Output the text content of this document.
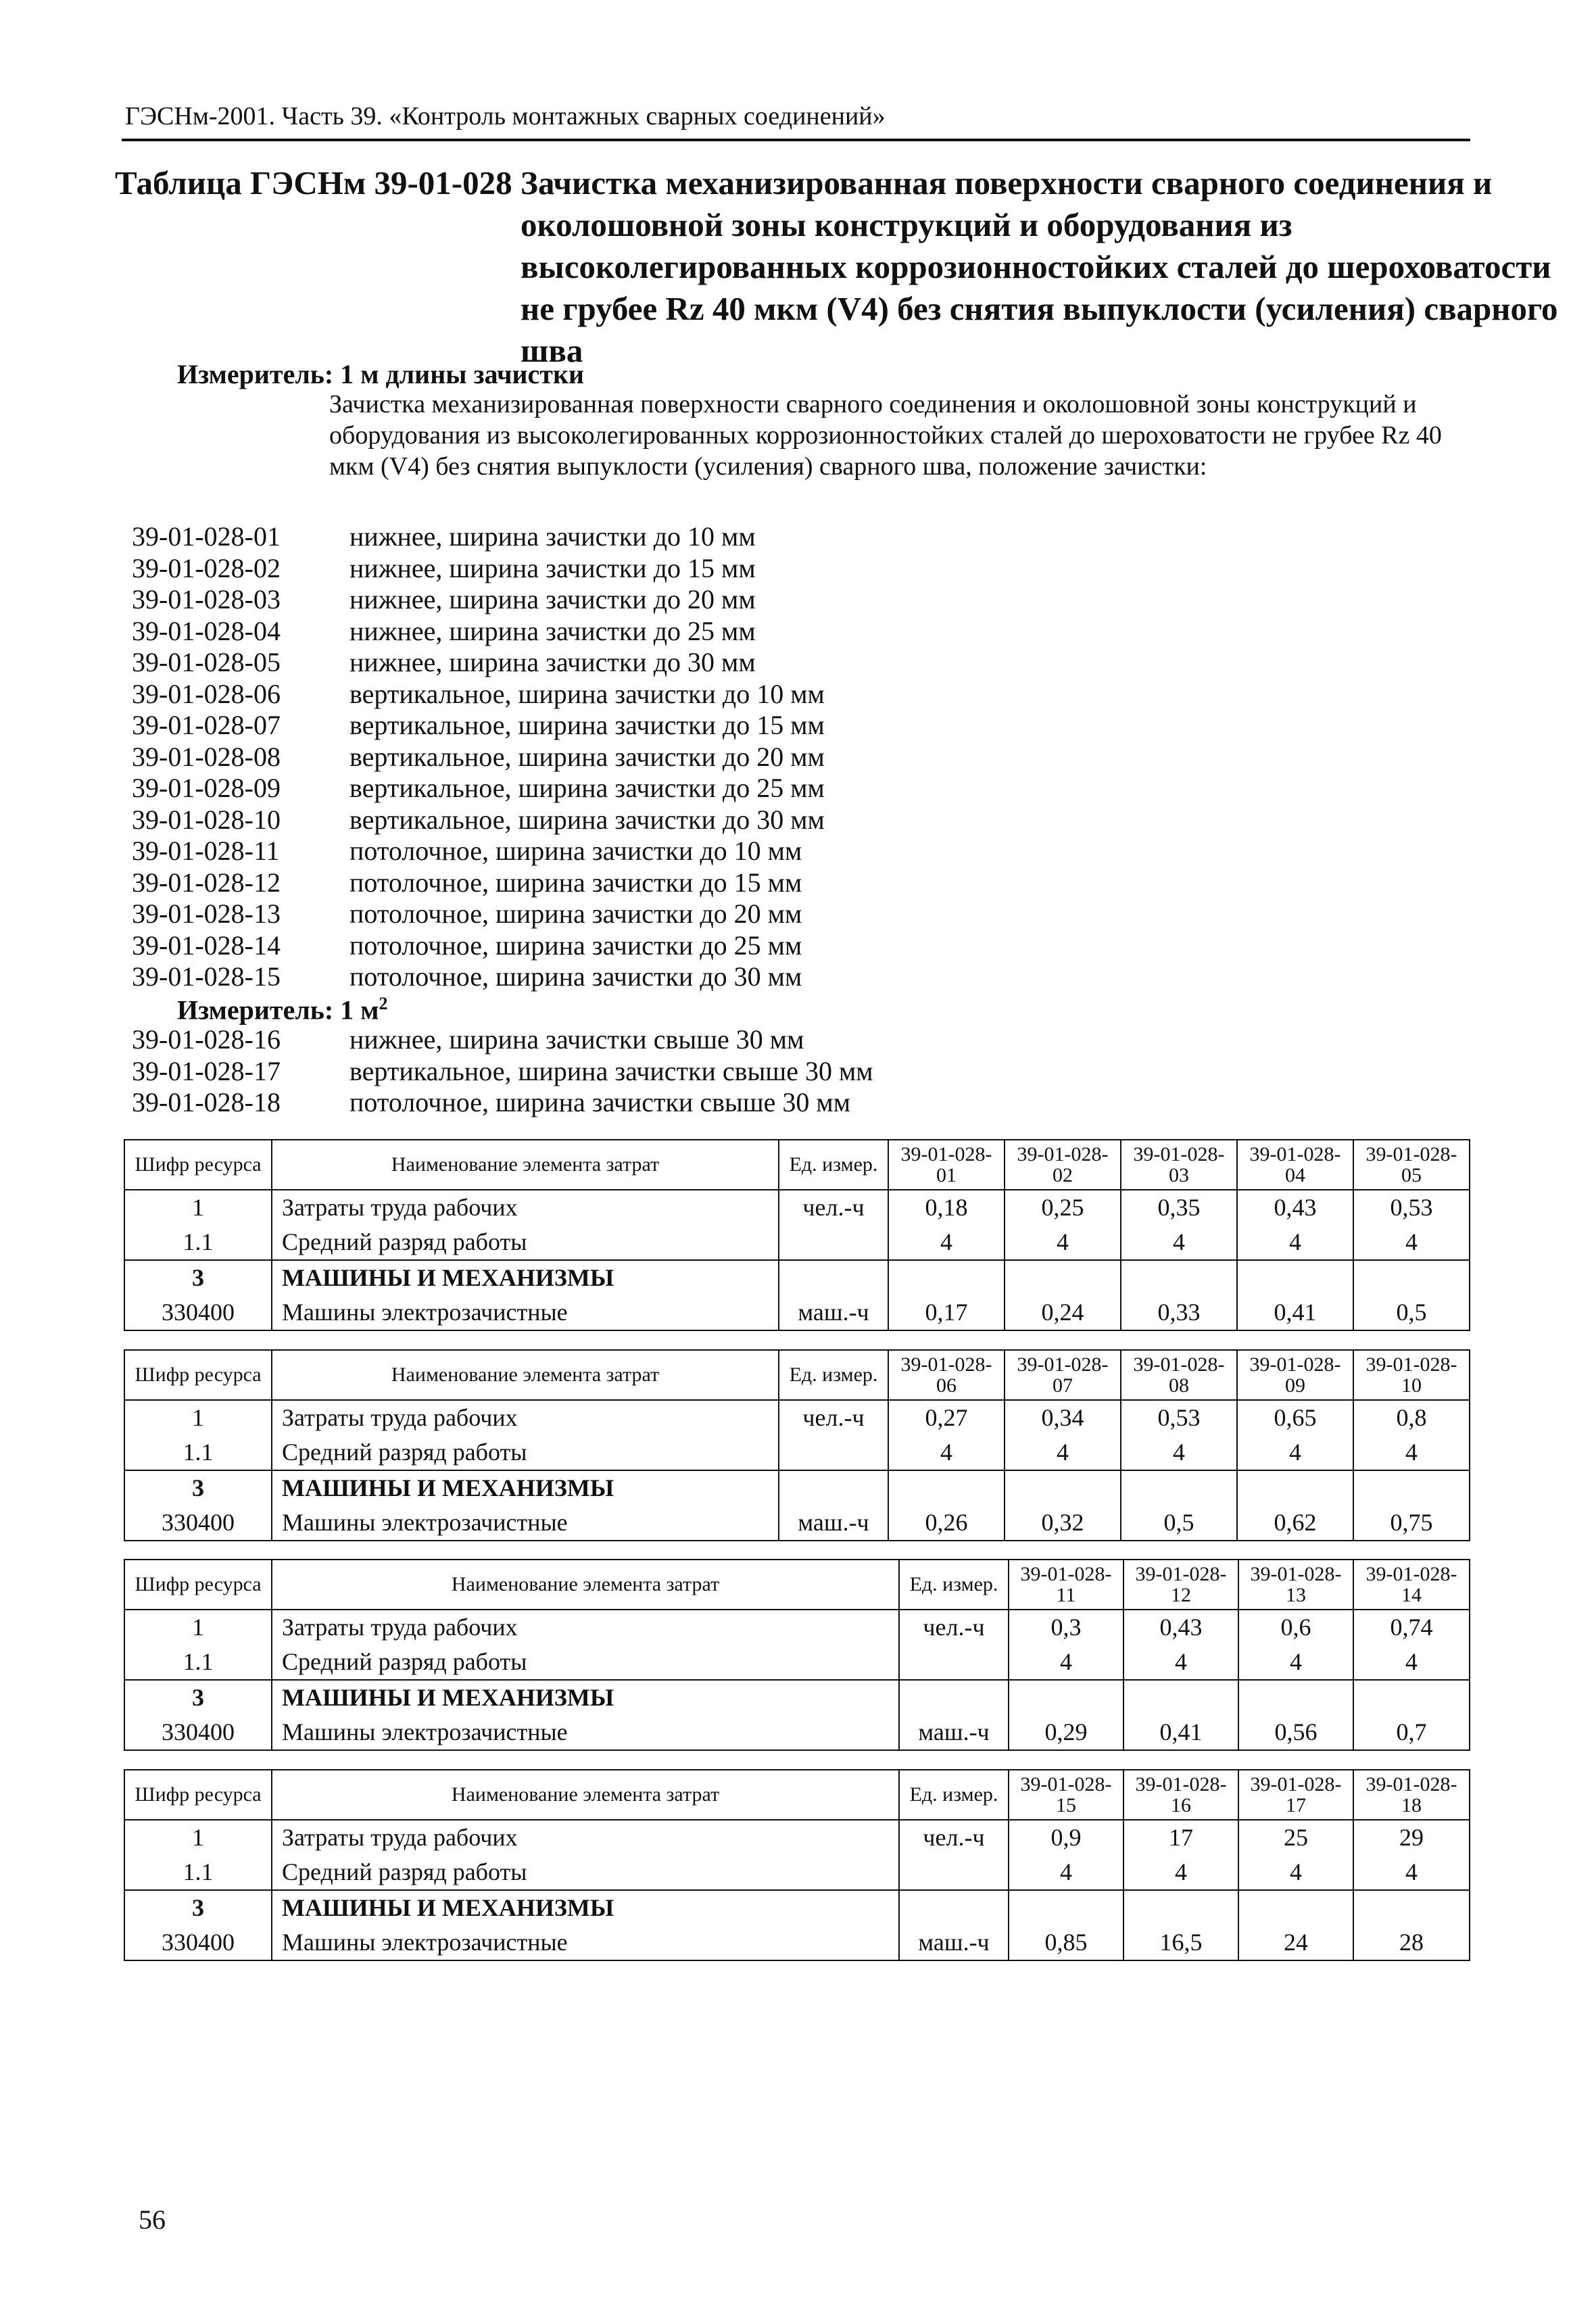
ГЭСНм-2001. Часть 39. «Контроль монтажных сварных соединений»
Таблица ГЭСНм 39-01-028 Зачистка механизированная поверхности сварного соединения и околошовной зоны конструкций и оборудования из высоколегированных коррозионностойких сталей до шероховатости не грубее Rz 40 мкм (V4) без снятия выпуклости (усиления) сварного шва
Измеритель: 1 м длины зачистки
Зачистка механизированная поверхности сварного соединения и околошовной зоны конструкций и оборудования из высоколегированных коррозионностойких сталей до шероховатости не грубее Rz 40 мкм (V4) без снятия выпуклости (усиления) сварного шва, положение зачистки:
39-01-028-01	нижнее, ширина зачистки до 10 мм
39-01-028-02	нижнее, ширина зачистки до 15 мм
39-01-028-03	нижнее, ширина зачистки до 20 мм
39-01-028-04	нижнее, ширина зачистки до 25 мм
39-01-028-05	нижнее, ширина зачистки до 30 мм
39-01-028-06	вертикальное, ширина зачистки до 10 мм
39-01-028-07	вертикальное, ширина зачистки до 15 мм
39-01-028-08	вертикальное, ширина зачистки до 20 мм
39-01-028-09	вертикальное, ширина зачистки до 25 мм
39-01-028-10	вертикальное, ширина зачистки до 30 мм
39-01-028-11	потолочное, ширина зачистки до 10 мм
39-01-028-12	потолочное, ширина зачистки до 15 мм
39-01-028-13	потолочное, ширина зачистки до 20 мм
39-01-028-14	потолочное, ширина зачистки до 25 мм
39-01-028-15	потолочное, ширина зачистки до 30 мм
Измеритель: 1 $м^2$
39-01-028-16	нижнее, ширина зачистки свыше 30 мм
39-01-028-17	вертикальное, ширина зачистки свыше 30 мм
39-01-028-18	потолочное, ширина зачистки свыше 30 мм
Шифр ресурса	Наименование элемента затрат	Ед. измер.	39-01-028-01	39-01-028-02	39-01-028-03	39-01-028-04	39-01-028-05
1	Затраты труда рабочих	чел.-ч	0,18	0,25	0,35	0,43	0,53
1.1	Средний разряд работы		4	4	4	4	4
3	МАШИНЫ И МЕХАНИЗМЫ						
330400	Машины электрозачистные	маш.-ч	0,17	0,24	0,33	0,41	0,5
Шифр ресурса	Наименование элемента затрат	Ед. измер.	39-01-028-06	39-01-028-07	39-01-028-08	39-01-028-09	39-01-028-10
1	Затраты труда рабочих	чел.-ч	0,27	0,34	0,53	0,65	0,8
1.1	Средний разряд работы		4	4	4	4	4
3	МАШИНЫ И МЕХАНИЗМЫ						
330400	Машины электрозачистные	маш.-ч	0,26	0,32	0,5	0,62	0,75
Шифр ресурса	Наименование элемента затрат	Ед. измер.	39-01-028-11	39-01-028-12	39-01-028-13	39-01-028-14
1	Затраты труда рабочих	чел.-ч	0,3	0,43	0,6	0,74
1.1	Средний разряд работы		4	4	4	4
3	МАШИНЫ И МЕХАНИЗМЫ					
330400	Машины электрозачистные	маш.-ч	0,29	0,41	0,56	0,7
Шифр ресурса	Наименование элемента затрат	Ед. измер.	39-01-028-15	39-01-028-16	39-01-028-17	39-01-028-18
1	Затраты труда рабочих	чел.-ч	0,9	17	25	29
1.1	Средний разряд работы		4	4	4	4
3	МАШИНЫ И МЕХАНИЗМЫ					
330400	Машины электрозачистные	маш.-ч	0,85	16,5	24	28
56
